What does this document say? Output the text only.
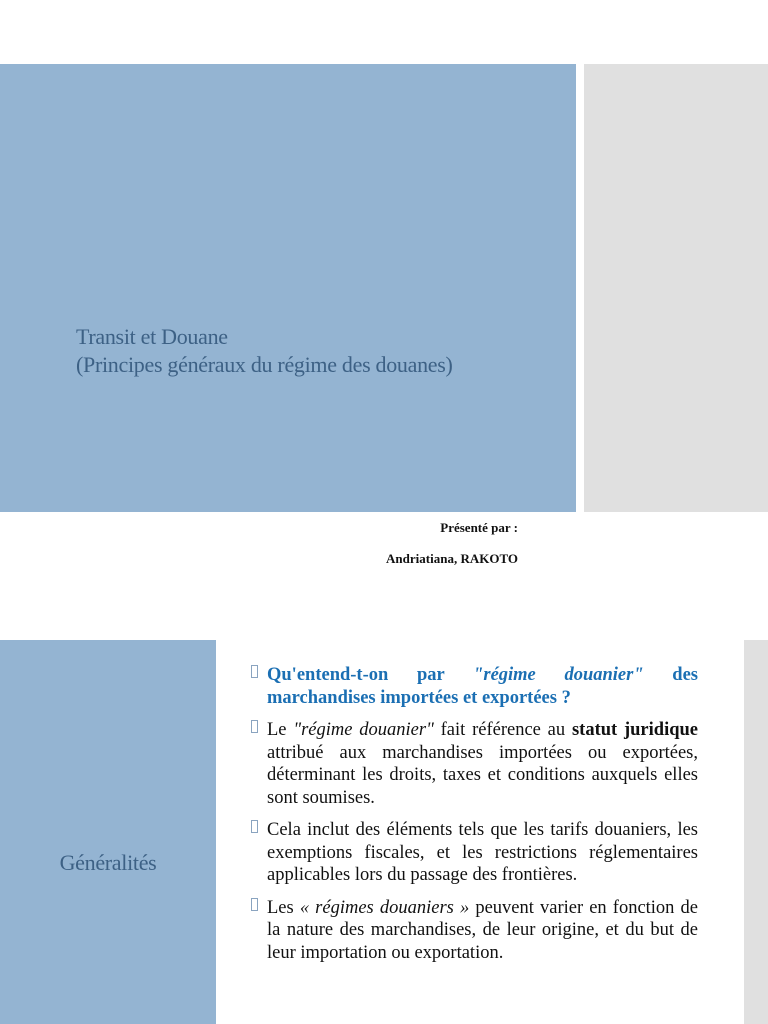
Transit et Douane
(Principes généraux du régime des douanes)
Présenté par :
Andriatiana, RAKOTO
Généralités
Qu'entend-t-on par "régime douanier" des marchandises importées et exportées ?
Le "régime douanier" fait référence au statut juridique attribué aux marchandises importées ou exportées, déterminant les droits, taxes et conditions auxquels elles sont soumises.
Cela inclut des éléments tels que les tarifs douaniers, les exemptions fiscales, et les restrictions réglementaires applicables lors du passage des frontières.
Les « régimes douaniers » peuvent varier en fonction de la nature des marchandises, de leur origine, et du but de leur importation ou exportation.
